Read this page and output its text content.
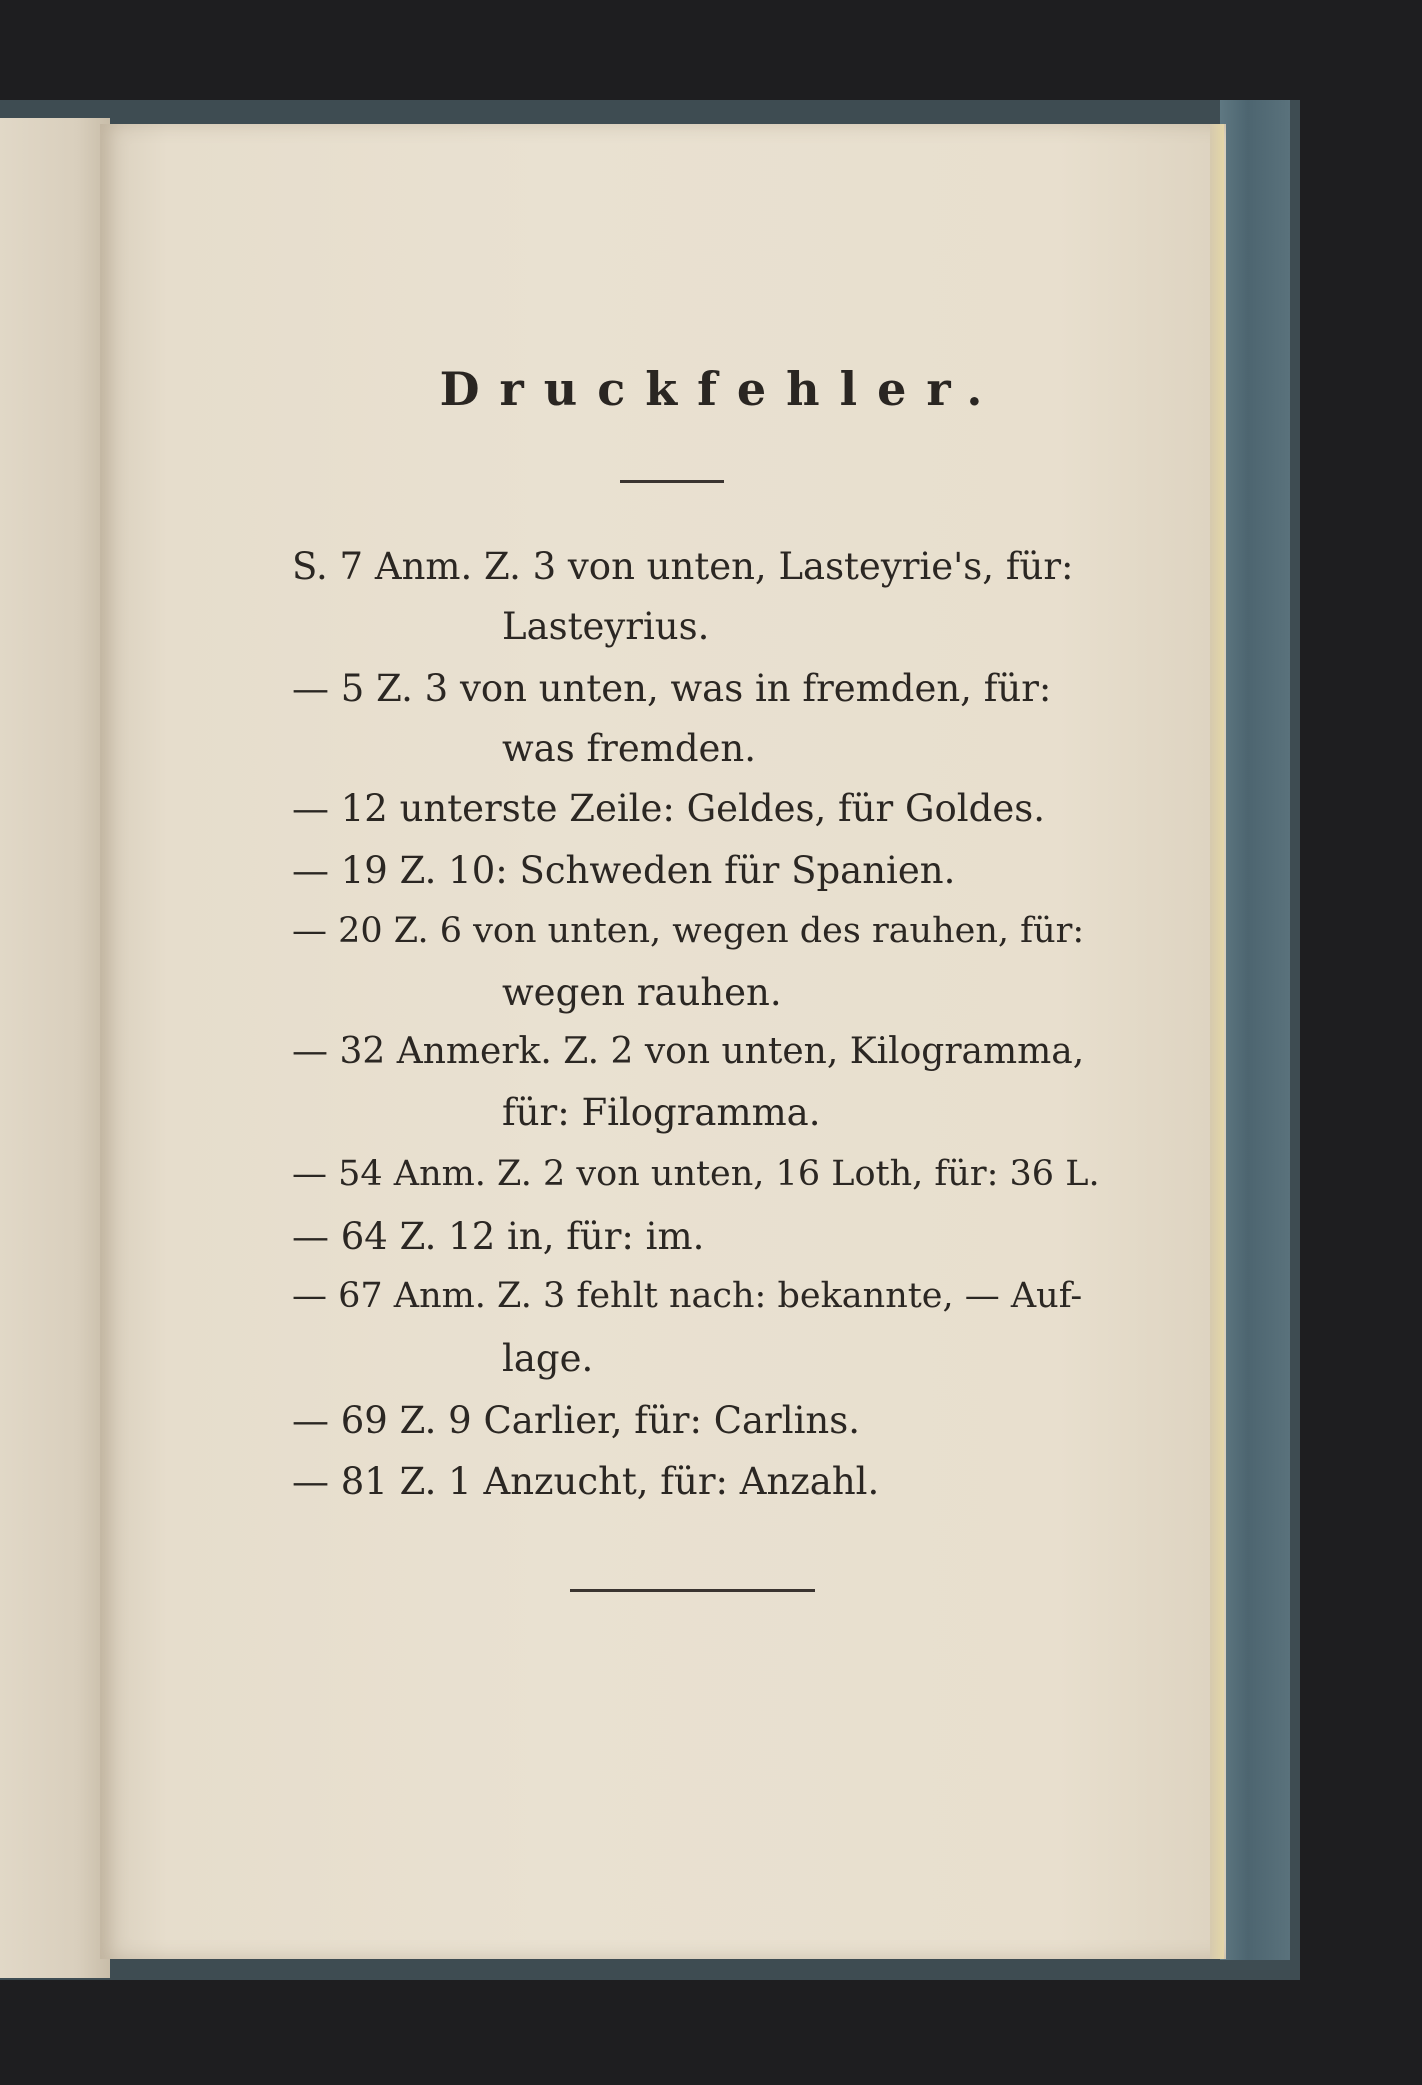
Druckfehler.
S. 7 Anm. Z. 3 von unten, Lasteyrie's, für:
Lasteyrius.
— 5 Z. 3 von unten, was in fremden, für:
was fremden.
— 12 unterste Zeile: Geldes, für Goldes.
— 19 Z. 10: Schweden für Spanien.
— 20 Z. 6 von unten, wegen des rauhen, für:
wegen rauhen.
— 32 Anmerk. Z. 2 von unten, Kilogramma,
für: Filogramma.
— 54 Anm. Z. 2 von unten, 16 Loth, für: 36 L.
— 64 Z. 12 in, für: im.
— 67 Anm. Z. 3 fehlt nach: bekannte, — Auf-
lage.
— 69 Z. 9 Carlier, für: Carlins.
— 81 Z. 1 Anzucht, für: Anzahl.
